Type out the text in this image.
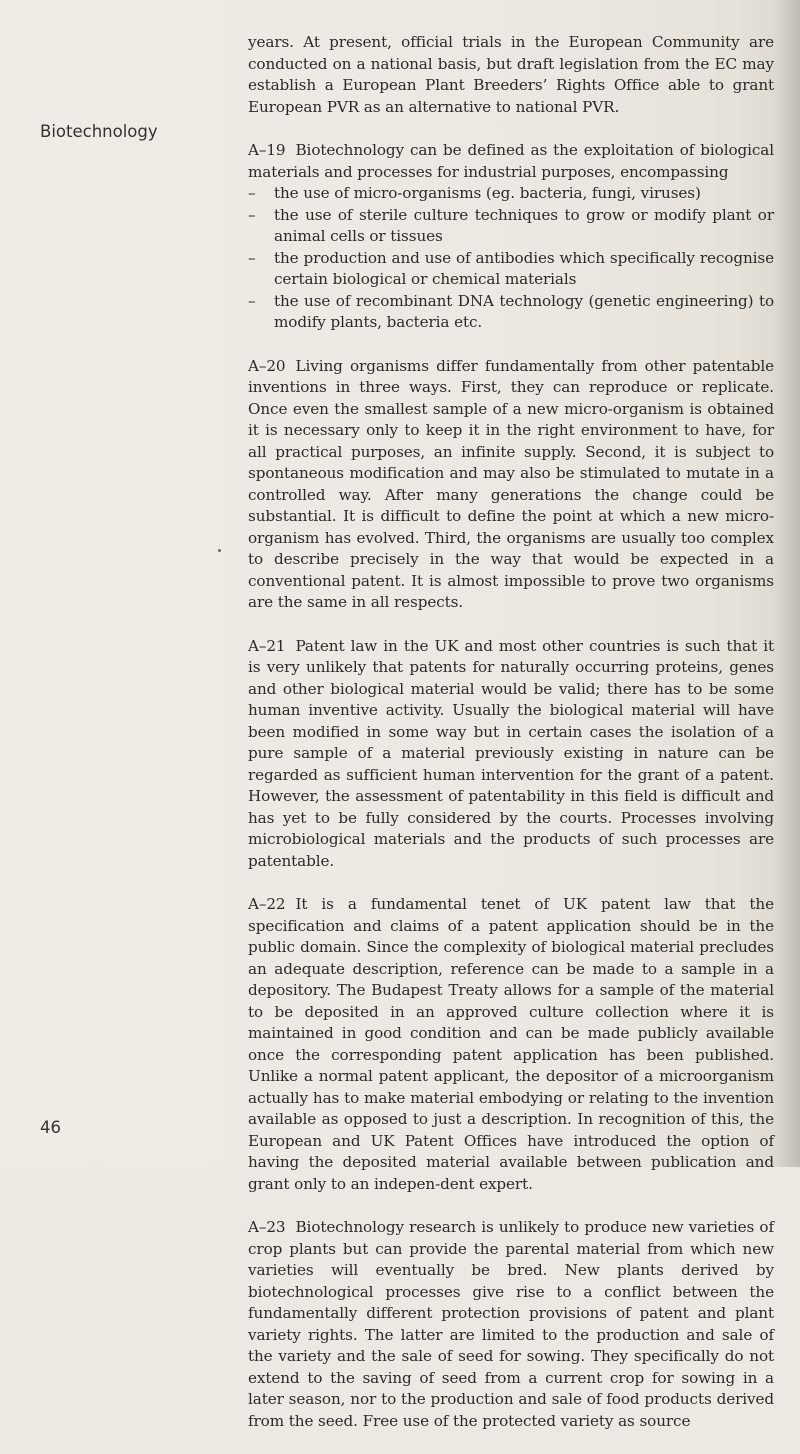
Biotechnology
46

years. At present, official trials in the European Community are conducted on a national basis, but draft legislation from the EC may establish a European Plant Breeders’ Rights Office able to grant European PVR as an alternative to national PVR.

A–19 Biotechnology can be defined as the exploitation of biological materials and processes for industrial purposes, encompassing

– the use of micro-organisms (eg. bacteria, fungi, viruses)
– the use of sterile culture techniques to grow or modify plant or animal cells or tissues
– the production and use of antibodies which specifically recognise certain biological or chemical materials
– the use of recombinant DNA technology (genetic engineering) to modify plants, bacteria etc.

A–20 Living organisms differ fundamentally from other patentable inventions in three ways. First, they can reproduce or replicate. Once even the smallest sample of a new micro-organism is obtained it is necessary only to keep it in the right environment to have, for all practical purposes, an infinite supply. Second, it is subject to spontaneous modification and may also be stimulated to mutate in a controlled way. After many generations the change could be substantial. It is difficult to define the point at which a new micro-organism has evolved. Third, the organisms are usually too complex to describe precisely in the way that would be expected in a conventional patent. It is almost impossible to prove two organisms are the same in all respects.

A–21 Patent law in the UK and most other countries is such that it is very unlikely that patents for naturally occurring proteins, genes and other biological material would be valid; there has to be some human inventive activity. Usually the biological material will have been modified in some way but in certain cases the isolation of a pure sample of a material previously existing in nature can be regarded as sufficient human intervention for the grant of a patent. However, the assessment of patentability in this field is difficult and has yet to be fully considered by the courts. Processes involving microbiological materials and the products of such processes are patentable.

A–22 It is a fundamental tenet of UK patent law that the specification and claims of a patent application should be in the public domain. Since the complexity of biological material precludes an adequate description, reference can be made to a sample in a depository. The Budapest Treaty allows for a sample of the material to be deposited in an approved culture collection where it is maintained in good condition and can be made publicly available once the corresponding patent application has been published. Unlike a normal patent applicant, the depositor of a microorganism actually has to make material embodying or relating to the invention available as opposed to just a description. In recognition of this, the European and UK Patent Offices have introduced the option of having the deposited material available between publication and grant only to an indepen-dent expert.

A–23 Biotechnology research is unlikely to produce new varieties of crop plants but can provide the parental material from which new varieties will eventually be bred. New plants derived by biotechnological processes give rise to a conflict between the fundamentally different protection provisions of patent and plant variety rights. The latter are limited to the production and sale of the variety and the sale of seed for sowing. They specifically do not extend to the saving of seed from a current crop for sowing in a later season, nor to the production and sale of food products derived from the seed. Free use of the protected variety as source
